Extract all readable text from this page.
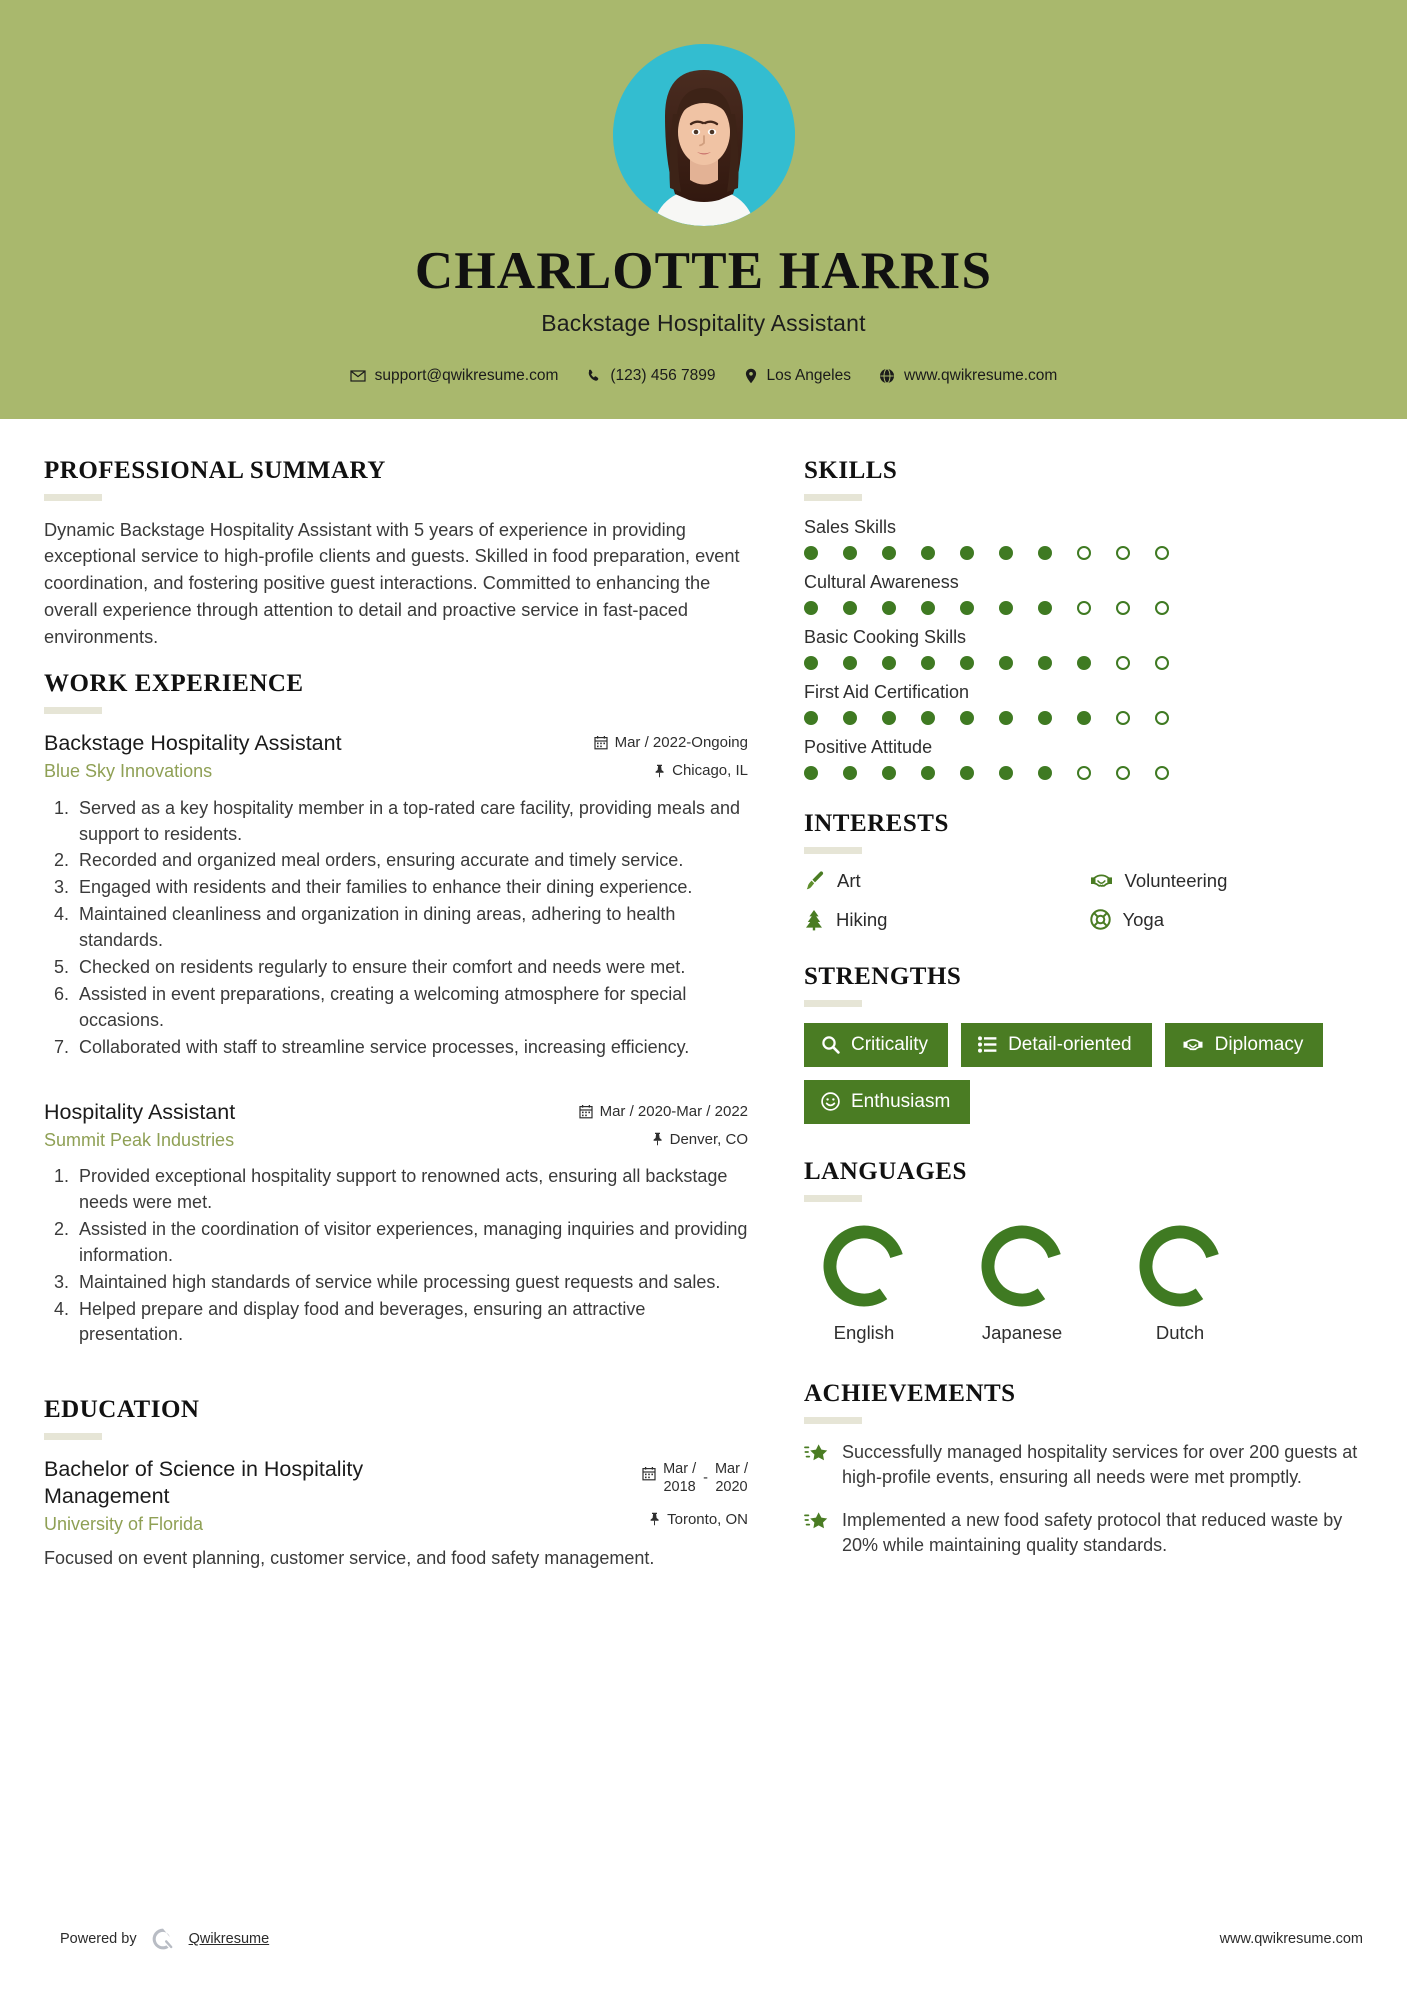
CHARLOTTE HARRIS
Backstage Hospitality Assistant
support@qwikresume.com	(123) 456 7899	Los Angeles	www.qwikresume.com
PROFESSIONAL SUMMARY
Dynamic Backstage Hospitality Assistant with 5 years of experience in providing exceptional service to high-profile clients and guests. Skilled in food preparation, event coordination, and fostering positive guest interactions. Committed to enhancing the overall experience through attention to detail and proactive service in fast-paced environments.
WORK EXPERIENCE
Backstage Hospitality Assistant
Blue Sky Innovations
Mar / 2022-Ongoing
Chicago, IL
1. Served as a key hospitality member in a top-rated care facility, providing meals and support to residents.
2. Recorded and organized meal orders, ensuring accurate and timely service.
3. Engaged with residents and their families to enhance their dining experience.
4. Maintained cleanliness and organization in dining areas, adhering to health standards.
5. Checked on residents regularly to ensure their comfort and needs were met.
6. Assisted in event preparations, creating a welcoming atmosphere for special occasions.
7. Collaborated with staff to streamline service processes, increasing efficiency.
Hospitality Assistant
Summit Peak Industries
Mar / 2020-Mar / 2022
Denver, CO
1. Provided exceptional hospitality support to renowned acts, ensuring all backstage needs were met.
2. Assisted in the coordination of visitor experiences, managing inquiries and providing information.
3. Maintained high standards of service while processing guest requests and sales.
4. Helped prepare and display food and beverages, ensuring an attractive presentation.
EDUCATION
Bachelor of Science in Hospitality Management
University of Florida
Mar /
2018
-
Mar /
2020
Toronto, ON
Focused on event planning, customer service, and food safety management.
SKILLS
Sales Skills
Cultural Awareness
Basic Cooking Skills
First Aid Certification
Positive Attitude
INTERESTS
Art	Volunteering
Hiking	Yoga
STRENGTHS
Criticality	Detail-oriented	Diplomacy
Enthusiasm
LANGUAGES
English	Japanese	Dutch
ACHIEVEMENTS
Successfully managed hospitality services for over 200 guests at high-profile events, ensuring all needs were met promptly.
Implemented a new food safety protocol that reduced waste by 20% while maintaining quality standards.
Powered by	Qwikresume	www.qwikresume.com
